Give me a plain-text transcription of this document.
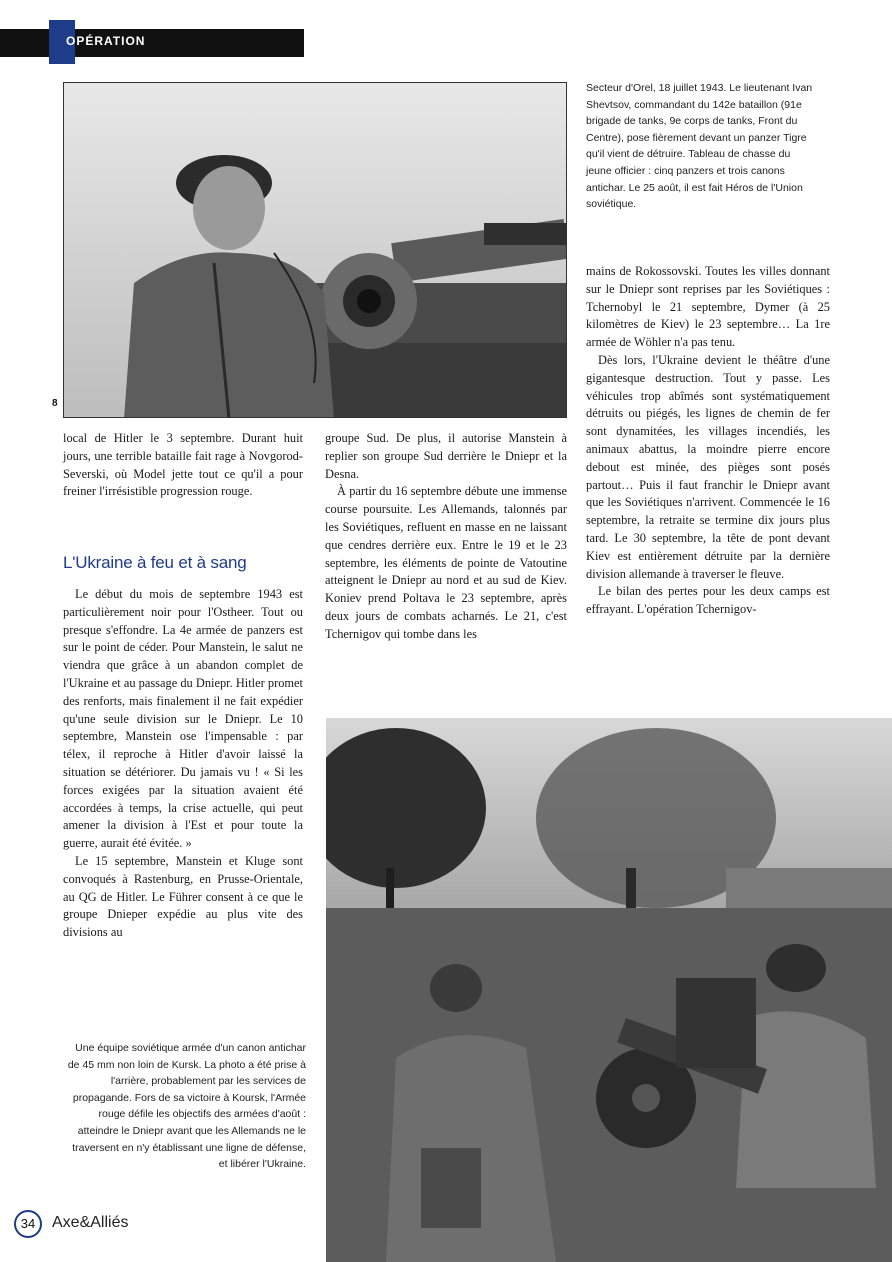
OPÉRATION
8
Secteur d'Orel, 18 juillet 1943. Le lieutenant Ivan Shevtsov, commandant du 142e bataillon (91e brigade de tanks, 9e corps de tanks, Front du Centre), pose fièrement devant un panzer Tigre qu'il vient de détruire. Tableau de chasse du jeune officier : cinq panzers et trois canons antichar. Le 25 août, il est fait Héros de l'Union soviétique.

local de Hitler le 3 septembre. Durant huit jours, une terrible bataille fait rage à Novgorod-Severski, où Model jette tout ce qu'il a pour freiner l'irrésistible progression rouge.

L'Ukraine à feu et à sang

Le début du mois de septembre 1943 est particulièrement noir pour l'Ostheer. Tout ou presque s'effondre. La 4e armée de panzers est sur le point de céder. Pour Manstein, le salut ne viendra que grâce à un abandon complet de l'Ukraine et au passage du Dniepr. Hitler promet des renforts, mais finalement il ne fait expédier qu'une seule division sur le Dniepr. Le 10 septembre, Manstein ose l'impensable : par télex, il reproche à Hitler d'avoir laissé la situation se détériorer. Du jamais vu ! « Si les forces exigées par la situation avaient été accordées à temps, la crise actuelle, qui peut amener la division à l'Est et pour toute la guerre, aurait été évitée. »

Le 15 septembre, Manstein et Kluge sont convoqués à Rastenburg, en Prusse-Orientale, au QG de Hitler. Le Führer consent à ce que le groupe Dnieper expédie au plus vite des divisions au

groupe Sud. De plus, il autorise Manstein à replier son groupe Sud derrière le Dniepr et la Desna.

À partir du 16 septembre débute une immense course poursuite. Les Allemands, talonnés par les Soviétiques, refluent en masse en ne laissant que cendres derrière eux. Entre le 19 et le 23 septembre, les éléments de pointe de Vatoutine atteignent le Dniepr au nord et au sud de Kiev. Koniev prend Poltava le 23 septembre, après deux jours de combats acharnés. Le 21, c'est Tchernigov qui tombe dans les

mains de Rokossovski. Toutes les villes donnant sur le Dniepr sont reprises par les Soviétiques : Tchernobyl le 21 septembre, Dymer (à 25 kilomètres de Kiev) le 23 septembre… La 1re armée de Wöhler n'a pas tenu.

Dès lors, l'Ukraine devient le théâtre d'une gigantesque destruction. Tout y passe. Les véhicules trop abîmés sont systématiquement détruits ou piégés, les lignes de chemin de fer sont dynamitées, les villages incendiés, les animaux abattus, la moindre pierre encore debout est minée, des pièges sont posés partout… Puis il faut franchir le Dniepr avant que les Soviétiques n'arrivent. Commencée le 16 septembre, la retraite se termine dix jours plus tard. Le 30 septembre, la tête de pont devant Kiev est entièrement détruite par la dernière division allemande à traverser le fleuve.

Le bilan des pertes pour les deux camps est effrayant. L'opération Tchernigov-

Une équipe soviétique armée d'un canon antichar de 45 mm non loin de Kursk. La photo a été prise à l'arrière, probablement par les services de propagande. Fors de sa victoire à Koursk, l'Armée rouge défile les objectifs des armées d'août : atteindre le Dniepr avant que les Allemands ne le traversent en n'y établissant une ligne de défense, et libérer l'Ukraine.
34	Axe&Alliés
